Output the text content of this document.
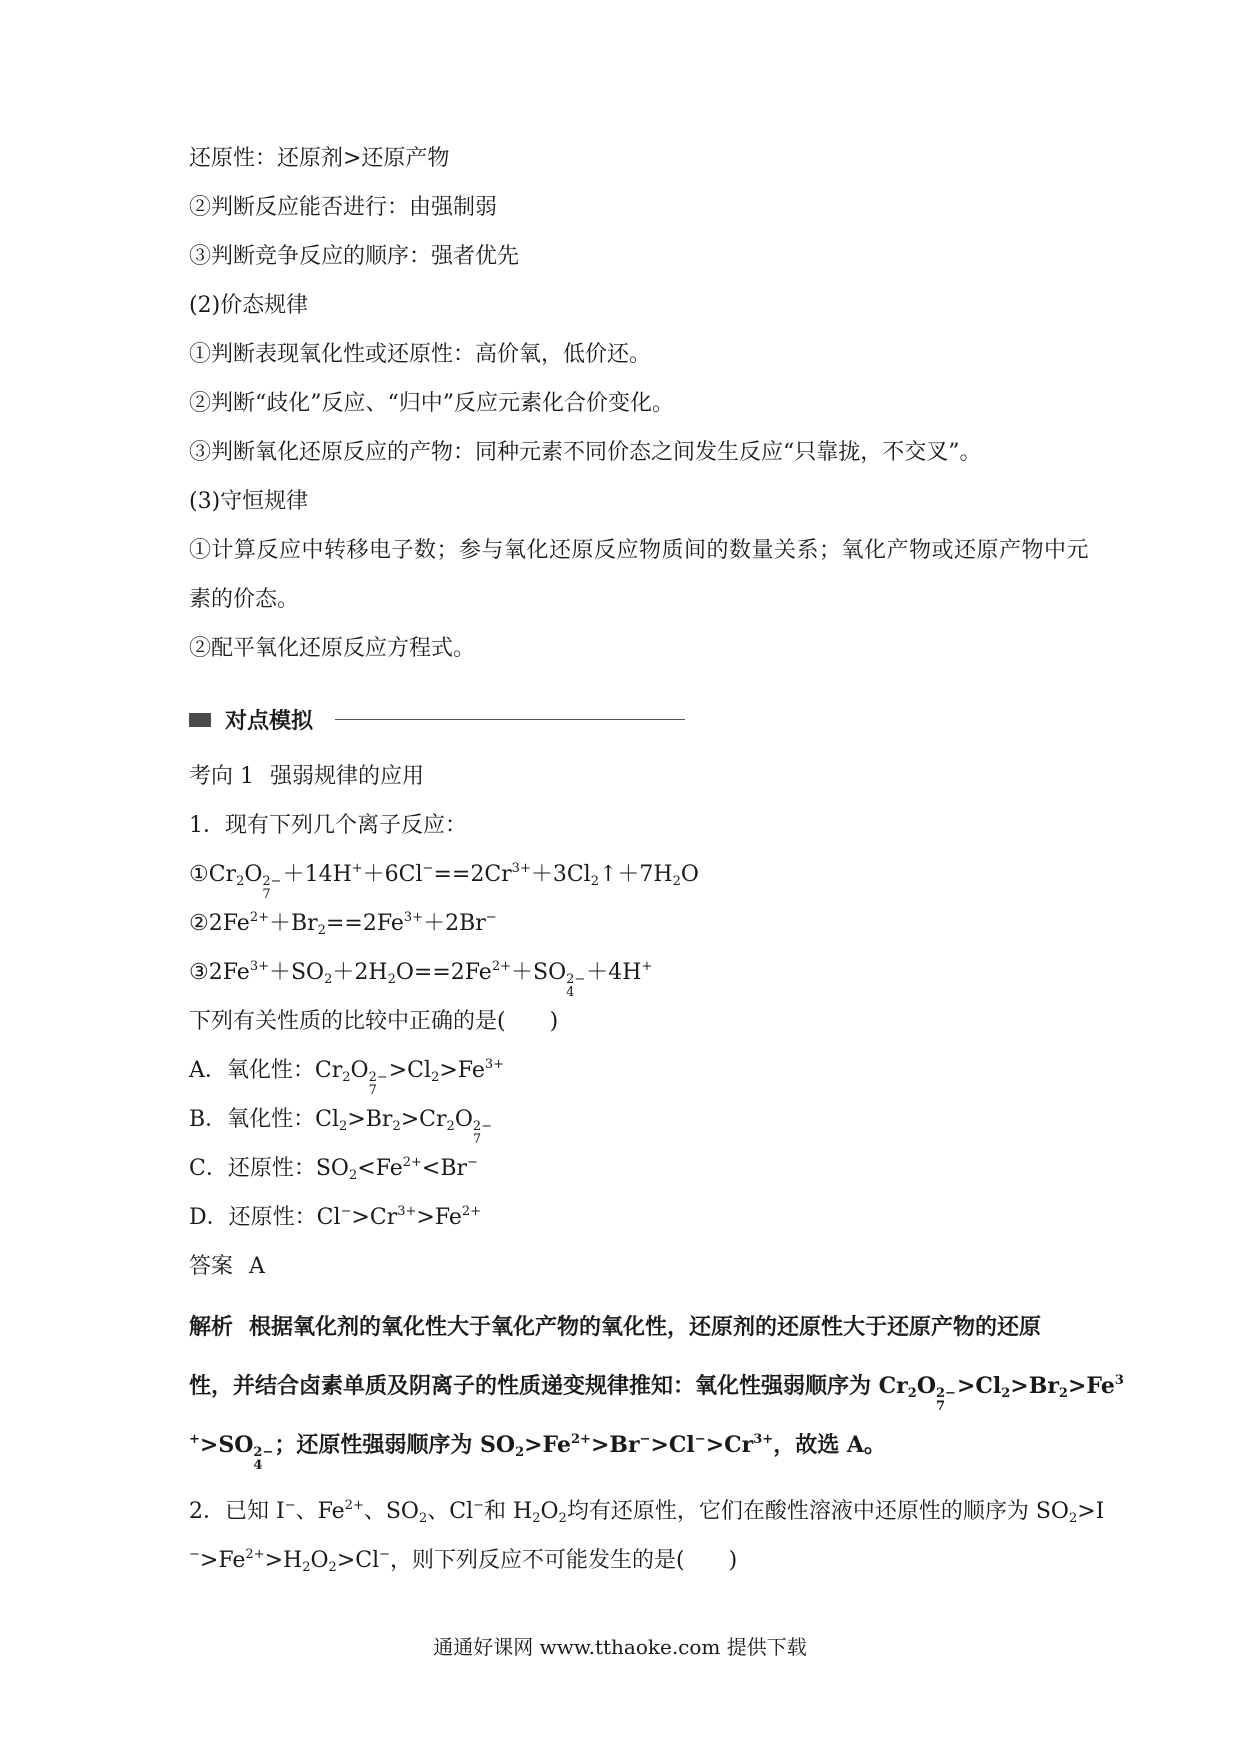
还原性：还原剂>还原产物
②判断反应能否进行：由强制弱
③判断竞争反应的顺序：强者优先
(2)价态规律
①判断表现氧化性或还原性：高价氧，低价还。
②判断“歧化”反应、“归中”反应元素化合价变化。
③判断氧化还原反应的产物：同种元素不同价态之间发生反应“只靠拢，不交叉”。
(3)守恒规律
①计算反应中转移电子数；参与氧化还原反应物质间的数量关系；氧化产物或还原产物中元
素的价态。
②配平氧化还原反应方程式。
对点模拟
考向 1 强弱规律的应用
1．现有下列几个离子反应：
$①Cr_2O$ 2−
7
$+14H^++6Cl^-==2Cr^{3+}+3Cl_2↑+7H_2O$
$②2Fe^{2+}+Br_2==2Fe^{3+}+2Br^-$
$③2Fe^{3+}+SO_2+2H_2O==2Fe^{2+}+SO$ 2−
4
＋4H+
下列有关性质的比较中正确的是(　　)
A．氧化性：$Cr_2O$ 2−
7
$>Cl_2>Fe^{3+}$
B．氧化性：$Cl_2>Br_2>Cr_2O$ 2−
7
C．还原性：$SO_2<Fe^{2+}<Br^-$
D．还原性：$Cl^->Cr^{3+}>Fe^{2+}$
答案 A
解析 根据氧化剂的氧化性大于氧化产物的氧化性，还原剂的还原性大于还原产物的还原
性，并结合卤素单质及阴离子的性质递变规律推知：氧化性强弱顺序为 $Cr_2O$ 2−
7
$>Cl_2>Br_2>Fe^3$
+>SO 2−
4
；还原性强弱顺序为 $SO_2>Fe^{2+}>Br^->Cl^->Cr^{3+}$，故选 A。
2．已知 I−、$Fe^{2+}$、$SO_2$、Cl−和 $H_2O_2$均有还原性，它们在酸性溶液中还原性的顺序为 $SO_2>I$
$^->Fe^{2+}>H_2O_2>Cl^-$，则下列反应不可能发生的是(　　)
通通好课网 www.tthaoke.com 提供下载
